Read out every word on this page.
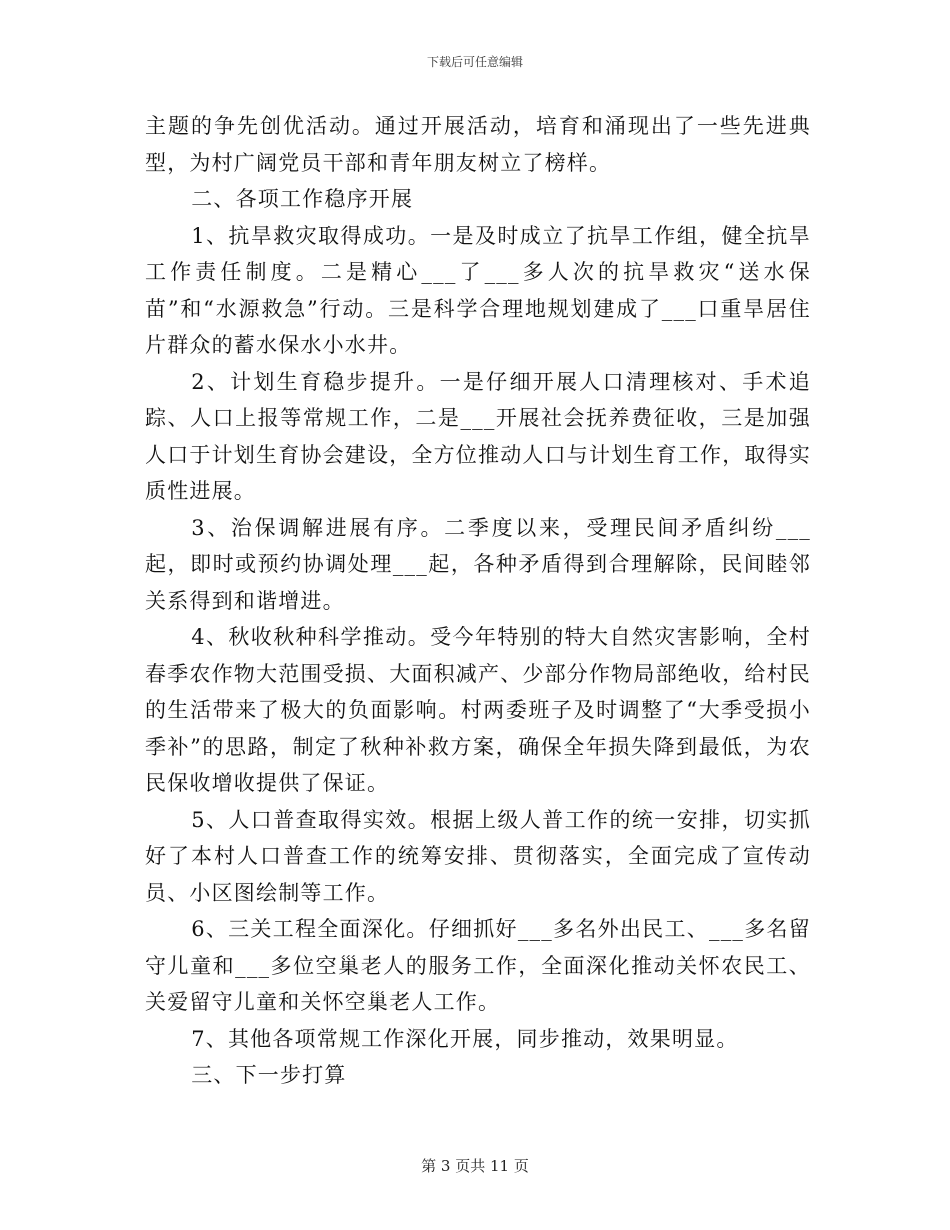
下载后可任意编辑

主题的争先创优活动。通过开展活动，培育和涌现出了一些先进典型，为村广阔党员干部和青年朋友树立了榜样。

二、各项工作稳序开展

1、抗旱救灾取得成功。一是及时成立了抗旱工作组，健全抗旱工作责任制度。二是精心___了___多人次的抗旱救灾“送水保苗”和“水源救急”行动。三是科学合理地规划建成了___口重旱居住片群众的蓄水保水小水井。

2、计划生育稳步提升。一是仔细开展人口清理核对、手术追踪、人口上报等常规工作，二是___开展社会抚养费征收，三是加强人口于计划生育协会建设，全方位推动人口与计划生育工作，取得实质性进展。

3、治保调解进展有序。二季度以来，受理民间矛盾纠纷___起，即时或预约协调处理___起，各种矛盾得到合理解除，民间睦邻关系得到和谐增进。

4、秋收秋种科学推动。受今年特别的特大自然灾害影响，全村春季农作物大范围受损、大面积减产、少部分作物局部绝收，给村民的生活带来了极大的负面影响。村两委班子及时调整了“大季受损小季补”的思路，制定了秋种补救方案，确保全年损失降到最低，为农民保收增收提供了保证。

5、人口普查取得实效。根据上级人普工作的统一安排，切实抓好了本村人口普查工作的统筹安排、贯彻落实，全面完成了宣传动员、小区图绘制等工作。

6、三关工程全面深化。仔细抓好___多名外出民工、___多名留守儿童和___多位空巢老人的服务工作，全面深化推动关怀农民工、关爱留守儿童和关怀空巢老人工作。

7、其他各项常规工作深化开展，同步推动，效果明显。

三、下一步打算

第 3 页共 11 页
